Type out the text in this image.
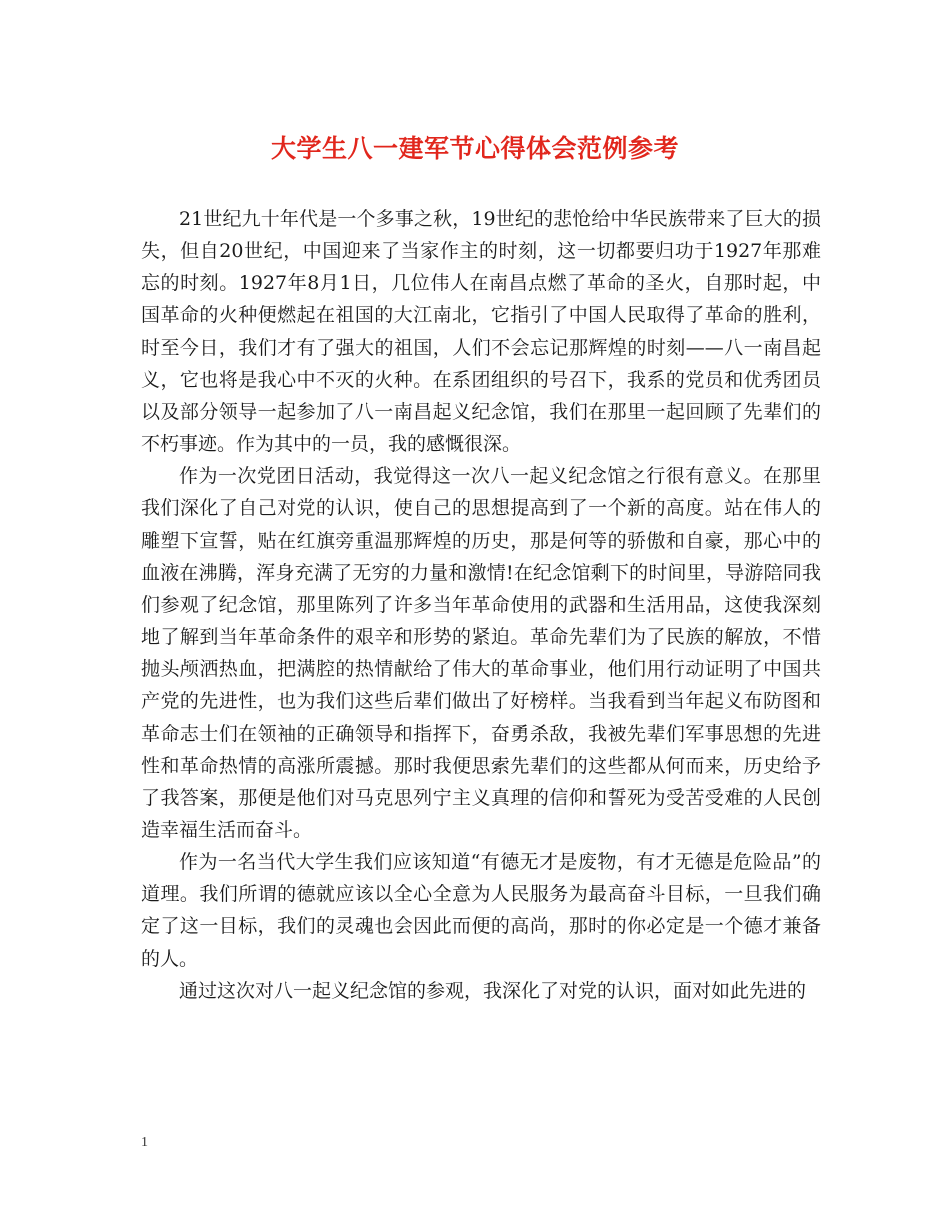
大学生八一建军节心得体会范例参考

21世纪九十年代是一个多事之秋，19世纪的悲怆给中华民族带来了巨大的损失，但自20世纪，中国迎来了当家作主的时刻，这一切都要归功于1927年那难忘的时刻。1927年8月1日，几位伟人在南昌点燃了革命的圣火，自那时起，中国革命的火种便燃起在祖国的大江南北，它指引了中国人民取得了革命的胜利，时至今日，我们才有了强大的祖国，人们不会忘记那辉煌的时刻——八一南昌起义，它也将是我心中不灭的火种。在系团组织的号召下，我系的党员和优秀团员以及部分领导一起参加了八一南昌起义纪念馆，我们在那里一起回顾了先辈们的不朽事迹。作为其中的一员，我的感慨很深。

作为一次党团日活动，我觉得这一次八一起义纪念馆之行很有意义。在那里我们深化了自己对党的认识，使自己的思想提高到了一个新的高度。站在伟人的雕塑下宣誓，贴在红旗旁重温那辉煌的历史，那是何等的骄傲和自豪，那心中的血液在沸腾，浑身充满了无穷的力量和激情!在纪念馆剩下的时间里，导游陪同我们参观了纪念馆，那里陈列了许多当年革命使用的武器和生活用品，这使我深刻地了解到当年革命条件的艰辛和形势的紧迫。革命先辈们为了民族的解放，不惜抛头颅洒热血，把满腔的热情献给了伟大的革命事业，他们用行动证明了中国共产党的先进性，也为我们这些后辈们做出了好榜样。当我看到当年起义布防图和革命志士们在领袖的正确领导和指挥下，奋勇杀敌，我被先辈们军事思想的先进性和革命热情的高涨所震撼。那时我便思索先辈们的这些都从何而来，历史给予了我答案，那便是他们对马克思列宁主义真理的信仰和誓死为受苦受难的人民创造幸福生活而奋斗。

作为一名当代大学生我们应该知道“有德无才是废物，有才无德是危险品”的道理。我们所谓的德就应该以全心全意为人民服务为最高奋斗目标，一旦我们确定了这一目标，我们的灵魂也会因此而便的高尚，那时的你必定是一个德才兼备的人。

通过这次对八一起义纪念馆的参观，我深化了对党的认识，面对如此先进的

1
